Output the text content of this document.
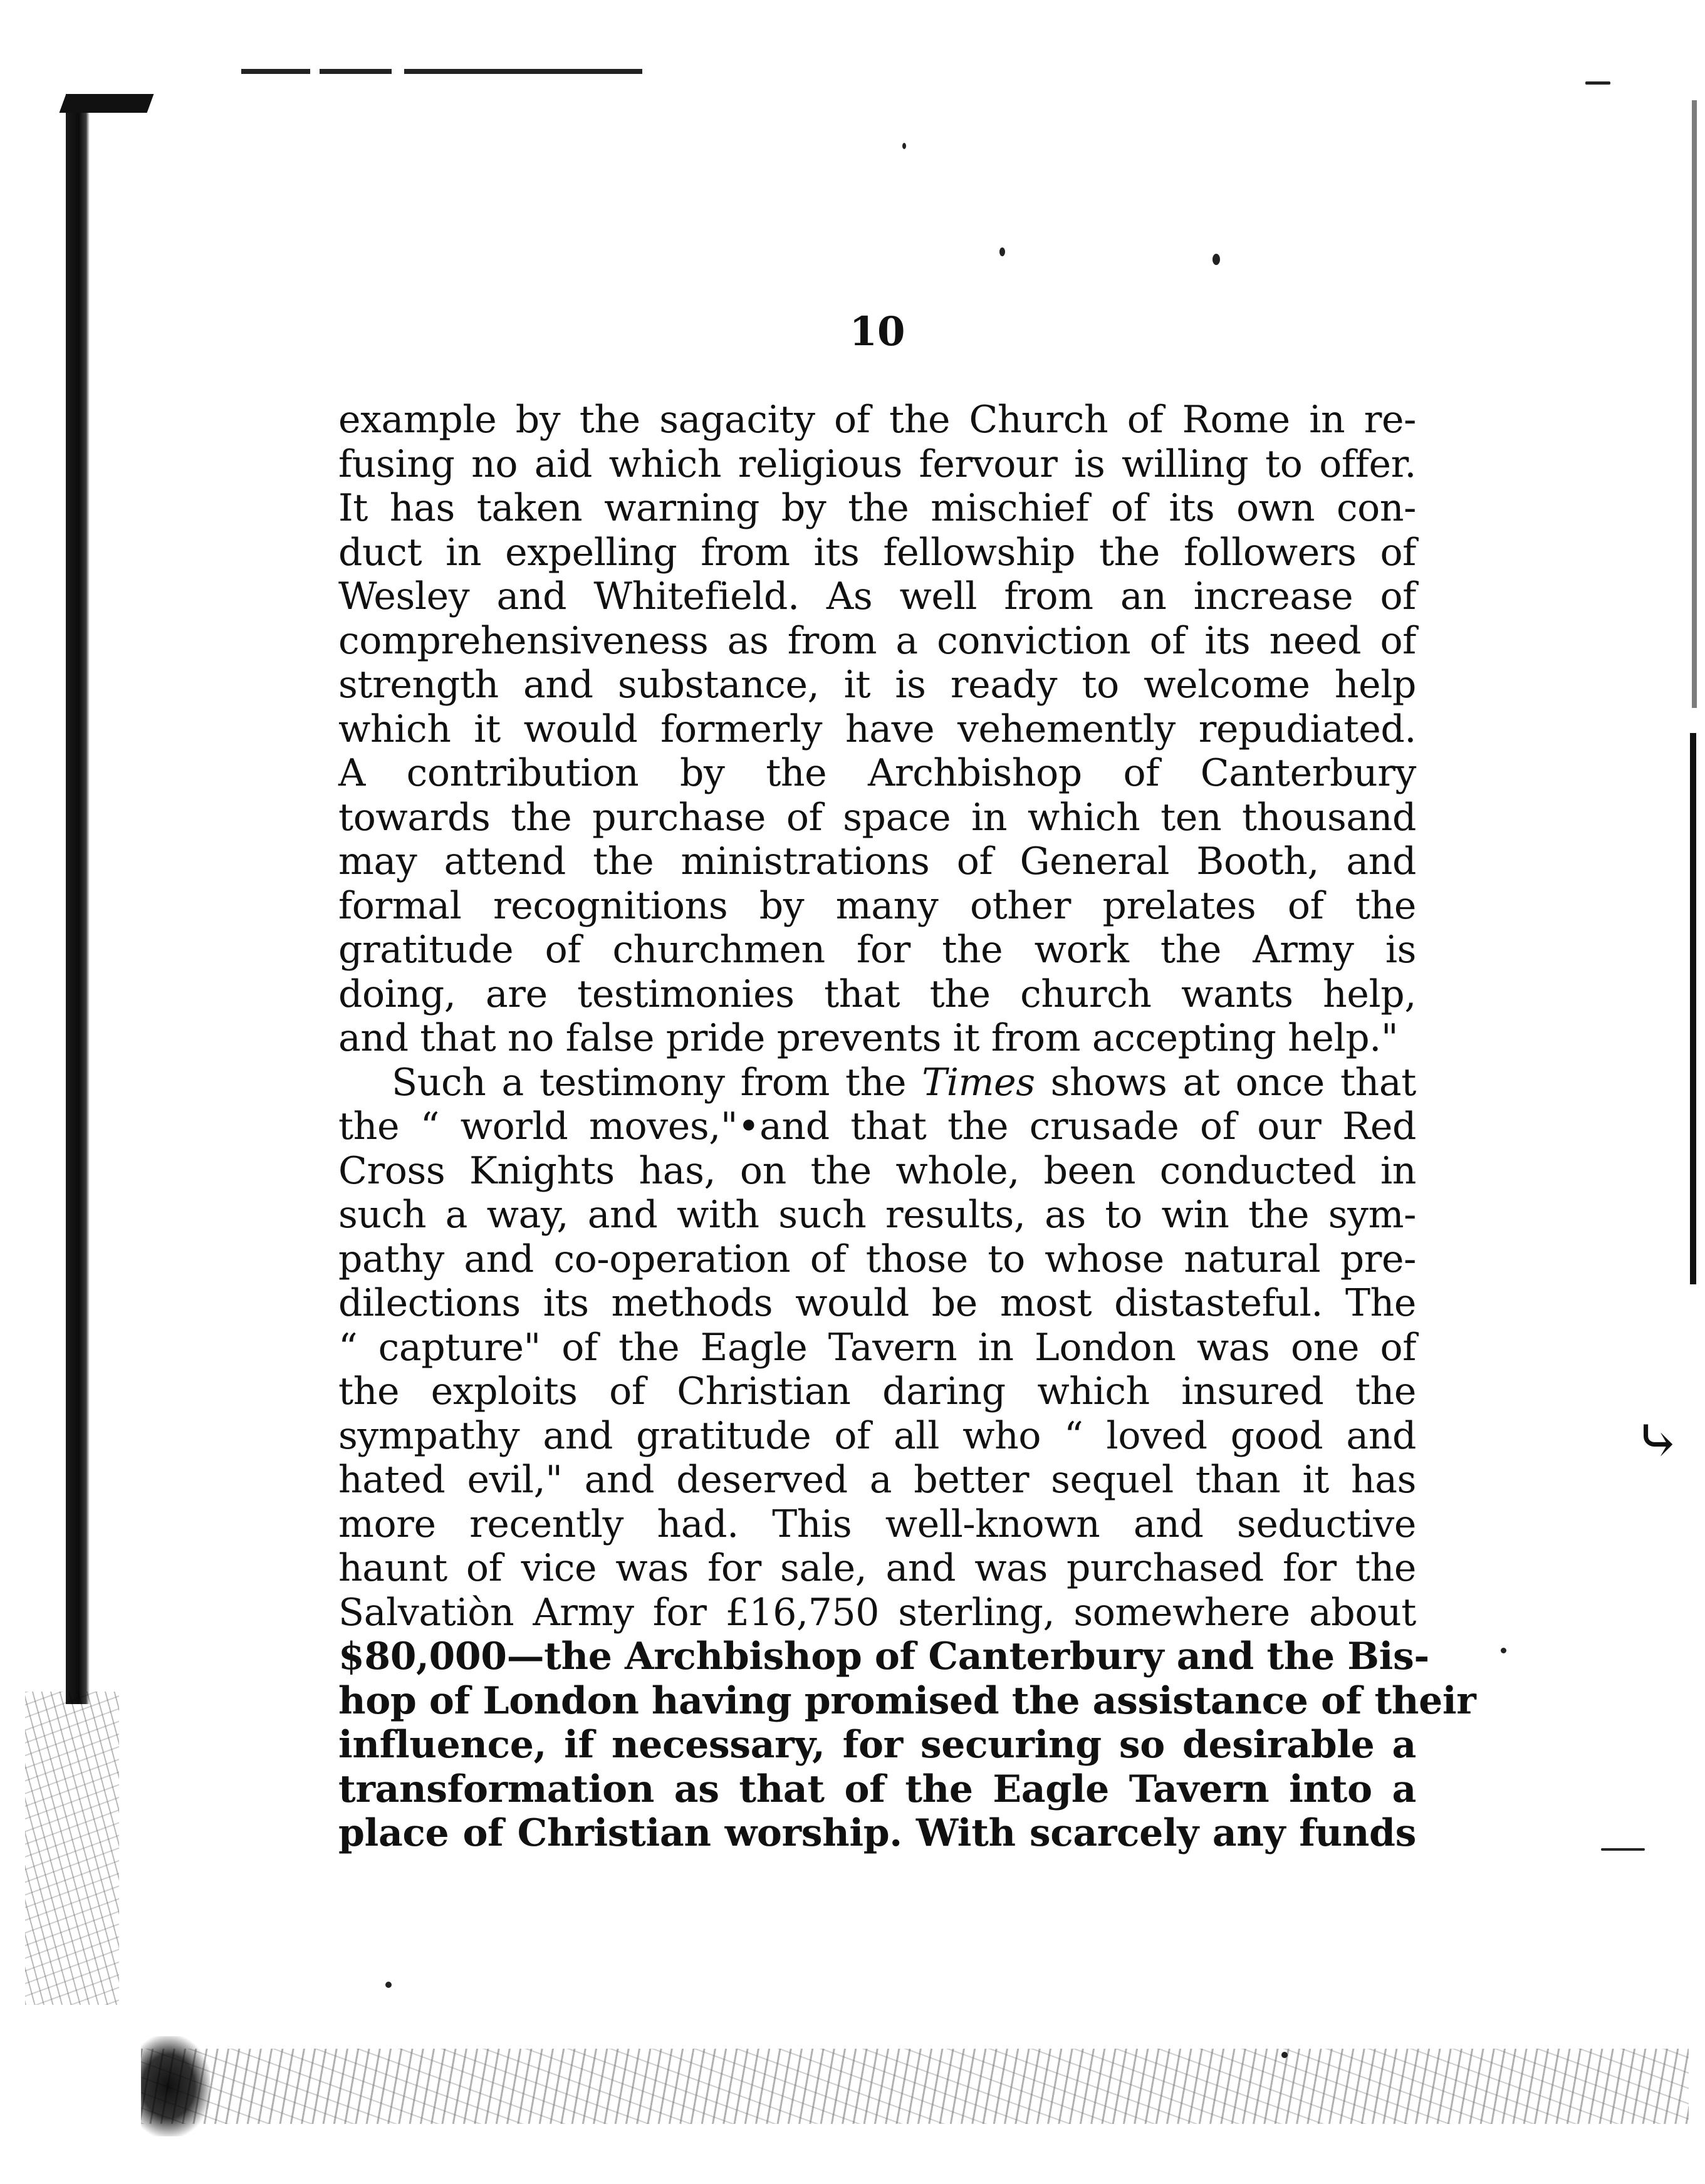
⤷
10
example by the sagacity of the Church of Rome in re-
fusing no aid which religious fervour is willing to offer.
It has taken warning by the mischief of its own con-
duct in expelling from its fellowship the followers of
Wesley and Whitefield. As well from an increase of
comprehensiveness as from a conviction of its need of
strength and substance, it is ready to welcome help
which it would formerly have vehemently repudiated.
A contribution by the Archbishop of Canterbury
towards the purchase of space in which ten thousand
may attend the ministrations of General Booth, and
formal recognitions by many other prelates of the
gratitude of churchmen for the work the Army is
doing, are testimonies that the church wants help,
and that no false pride prevents it from accepting help."
Such a testimony from the Times shows at once that
the “ world moves,"•and that the crusade of our Red
Cross Knights has, on the whole, been conducted in
such a way, and with such results, as to win the sym-
pathy and co-operation of those to whose natural pre-
dilections its methods would be most distasteful. The
“ capture" of the Eagle Tavern in London was one of
the exploits of Christian daring which insured the
sympathy and gratitude of all who “ loved good and
hated evil," and deserved a better sequel than it has
more recently had. This well-known and seductive
haunt of vice was for sale, and was purchased for the
Salvatiòn Army for £16,750 sterling, somewhere about
$80,000—the Archbishop of Canterbury and the Bis-
hop of London having promised the assistance of their
influence, if necessary, for securing so desirable a
transformation as that of the Eagle Tavern into a
place of Christian worship. With scarcely any funds
